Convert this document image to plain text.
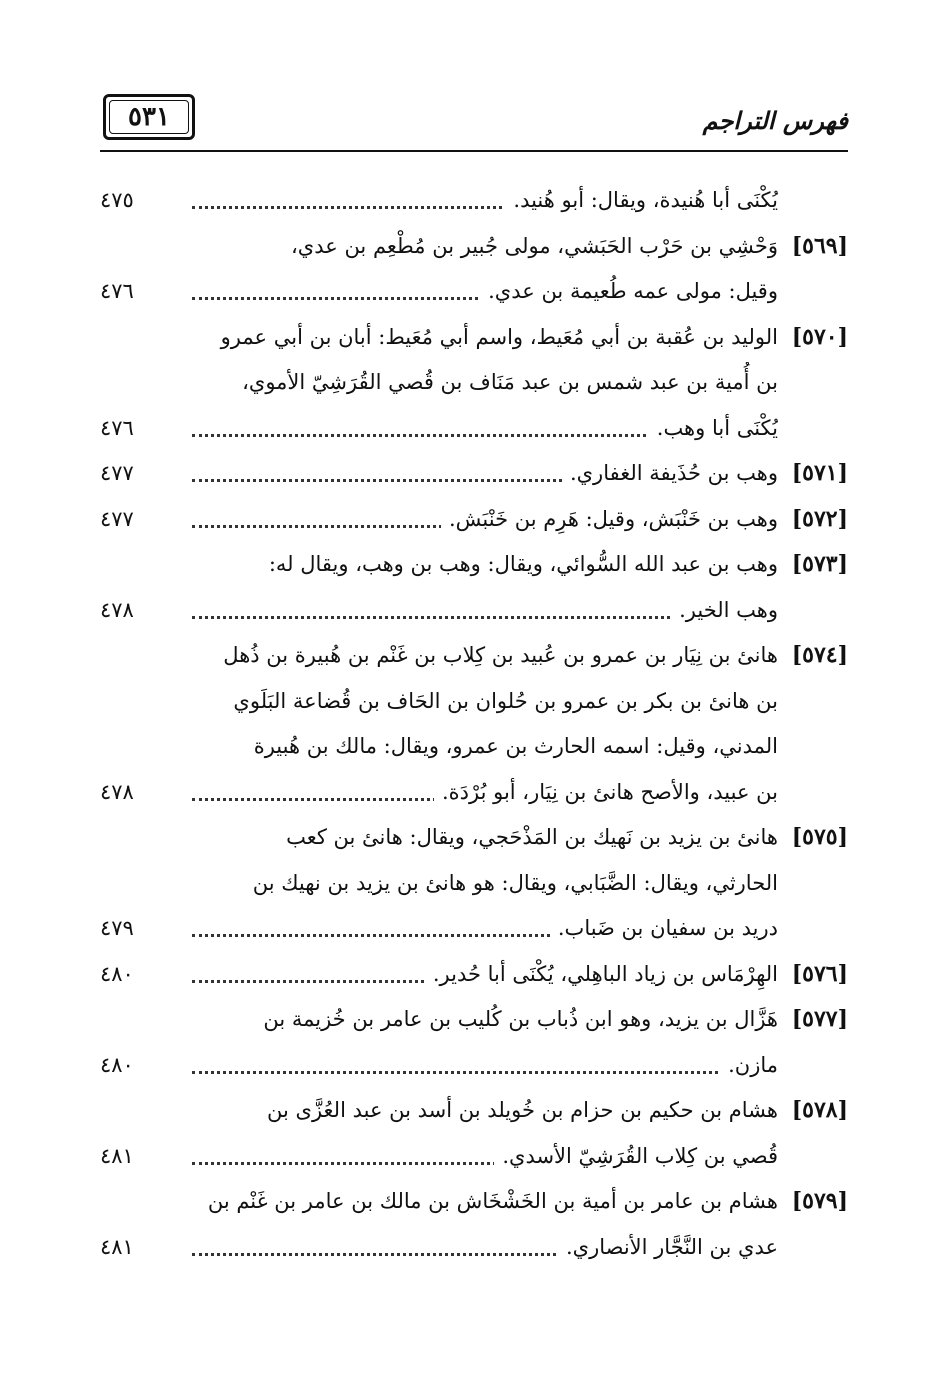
٥٣١	فهرس التراجم
يُكْنَى أبا هُنيدة، ويقال: أبو هُنيد.
٤٧٥
[٥٦٩]
وَحْشِي بن حَرْب الحَبَشي، مولى جُبير بن مُطْعِم بن عدي،
وقيل: مولى عمه طُعيمة بن عدي.
٤٧٦
[٥٧٠]
الوليد بن عُقبة بن أبي مُعَيط، واسم أبي مُعَيط: أبان بن أبي عمرو
بن أُمية بن عبد شمس بن عبد مَنَاف بن قُصي القُرَشِيّ الأموي،
يُكْنَى أبا وهب.
٤٧٦
[٥٧١]
وهب بن حُذَيفة الغفاري.
٤٧٧
[٥٧٢]
وهب بن خَنْبَش، وقيل: هَرِم بن خَنْبَش.
٤٧٧
[٥٧٣]
وهب بن عبد الله السُّوائي، ويقال: وهب بن وهب، ويقال له:
وهب الخير.
٤٧٨
[٥٧٤]
هانئ بن نِيَار بن عمرو بن عُبيد بن كِلاب بن غَنْم بن هُبيرة بن ذُهل
بن هانئ بن بكر بن عمرو بن حُلوان بن الحَاف بن قُضاعة البَلَوي
المدني، وقيل: اسمه الحارث بن عمرو، ويقال: مالك بن هُبيرة
بن عبيد، والأصح هانئ بن نِيَار، أبو بُرْدَة.
٤٧٨
[٥٧٥]
هانئ بن يزيد بن نَهيك بن المَذْحَجي، ويقال: هانئ بن كعب
الحارثي، ويقال: الضَّبَابي، ويقال: هو هانئ بن يزيد بن نهيك بن
دريد بن سفيان بن ضَباب.
٤٧٩
[٥٧٦]
الهِرْمَاس بن زياد الباهِلي، يُكْنَى أبا حُدير.
٤٨٠
[٥٧٧]
هَزَّال بن يزيد، وهو ابن ذُباب بن كُليب بن عامر بن خُزيمة بن
مازن.
٤٨٠
[٥٧٨]
هشام بن حكيم بن حزام بن خُويلد بن أسد بن عبد العُزَّى بن
قُصي بن كِلاب القُرَشِيّ الأسدي.
٤٨١
[٥٧٩]
هشام بن عامر بن أمية بن الخَشْخَاش بن مالك بن عامر بن غَنْم بن
عدي بن النَّجَّار الأنصاري.
٤٨١
